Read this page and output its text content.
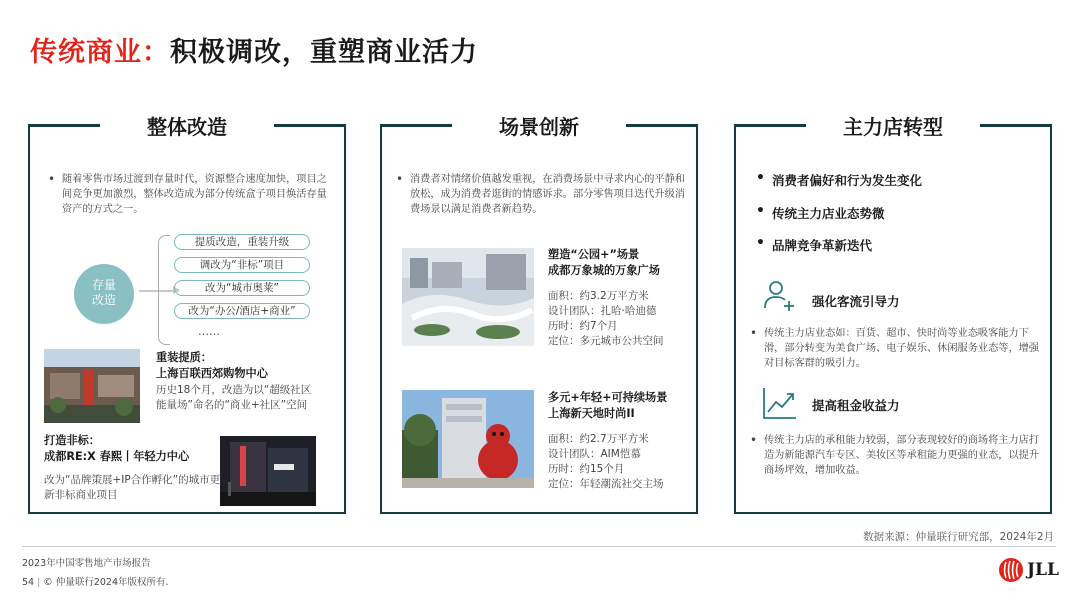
传统商业：积极调改，重塑商业活力
整体改造
• 随着零售市场过渡到存量时代，资源整合速度加快，项目之间竞争更加激烈，整体改造成为部分传统盒子项目焕活存量资产的方式之一。
存量
改造
提质改造，重装升级
调改为“非标”项目
改为“城市奥莱”
改为“办公/酒店+商业”
……
重装提质：
上海百联西郊购物中心
历史18个月，改造为以“超级社区能量场”命名的“商业+社区”空间
打造非标：
成都RE:X 春熙丨年轻力中心
改为“品牌策展+IP合作孵化”的城市更新非标商业项目
场景创新
• 消费者对情绪价值越发重视，在消费场景中寻求内心的平静和放松，成为消费者逛街的情感诉求。部分零售项目迭代升级消费场景以满足消费者新趋势。
塑造“公园+”场景
成都万象城的万象广场
面积：约3.2万平方米
设计团队：扎哈·哈迪德
历时：约7个月
定位：多元城市公共空间
多元+年轻+可持续场景
上海新天地时尚II
面积：约2.7万平方米
设计团队：AIM恺慕
历时：约15个月
定位：年轻潮流社交主场
主力店转型
• 消费者偏好和行为发生变化
• 传统主力店业态势微
• 品牌竞争革新迭代
强化客流引导力
• 传统主力店业态如：百货、超市、快时尚等业态吸客能力下滑，部分转变为美食广场、电子娱乐、休闲服务业态等，增强对目标客群的吸引力。
提高租金收益力
• 传统主力店的承租能力较弱，部分表现较好的商场将主力店打造为新能源汽车专区、美妆区等承租能力更强的业态，以提升商场坪效，增加收益。
数据来源：仲量联行研究部，2024年2月
2023年中国零售地产市场报告
54 | © 仲量联行2024年版权所有.
JLL
